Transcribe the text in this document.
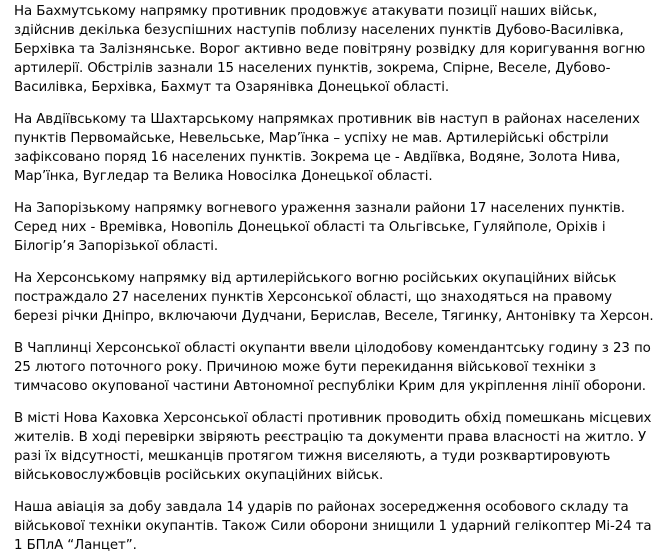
На Бахмутському напрямку противник продовжує атакувати позиції наших військ, здійснив декілька безуспішних наступів поблизу населених пунктів Дубово-Василівка, Берхівка та Залізнянське. Ворог активно веде повітряну розвідку для коригування вогню артилерії. Обстрілів зазнали 15 населених пунктів, зокрема, Спірне, Веселе, Дубово-Василівка, Берхівка, Бахмут та Озарянівка Донецької області.

На Авдіївському та Шахтарському напрямках противник вів наступ в районах населених пунктів Первомайське, Невельське, Мар’їнка – успіху не мав. Артилерійські обстріли зафіксовано поряд 16 населених пунктів. Зокрема це - Авдіївка, Водяне, Золота Нива, Мар’їнка, Вугледар та Велика Новосілка Донецької області.

На Запорізькому напрямку вогневого ураження зазнали райони 17 населених пунктів. Серед них - Времівка, Новопіль Донецької області та Ольгівське, Гуляйполе, Оріхів і Білогір’я Запорізької області.

На Херсонському напрямку від артилерійського вогню російських окупаційних військ постраждало 27 населених пунктів Херсонської області, що знаходяться на правому березі річки Дніпро, включаючи Дудчани, Берислав, Веселе, Тягинку, Антонівку та Херсон.

В Чаплинці Херсонської області окупанти ввели цілодобову комендантську годину з 23 по 25 лютого поточного року. Причиною може бути перекидання військової техніки з тимчасово окупованої частини Автономної республіки Крим для укріплення лінії оборони.

В місті Нова Каховка Херсонської області противник проводить обхід помешкань місцевих жителів. В ході перевірки звіряють реєстрацію та документи права власності на житло. У разі їх відсутності, мешканців протягом тижня виселяють, а туди розквартировують військовослужбовців російських окупаційних військ.

Наша авіація за добу завдала 14 ударів по районах зосередження особового складу та військової техніки окупантів. Також Сили оборони знищили 1 ударний гелікоптер Мі-24 та 1 БПлА “Ланцет”.
